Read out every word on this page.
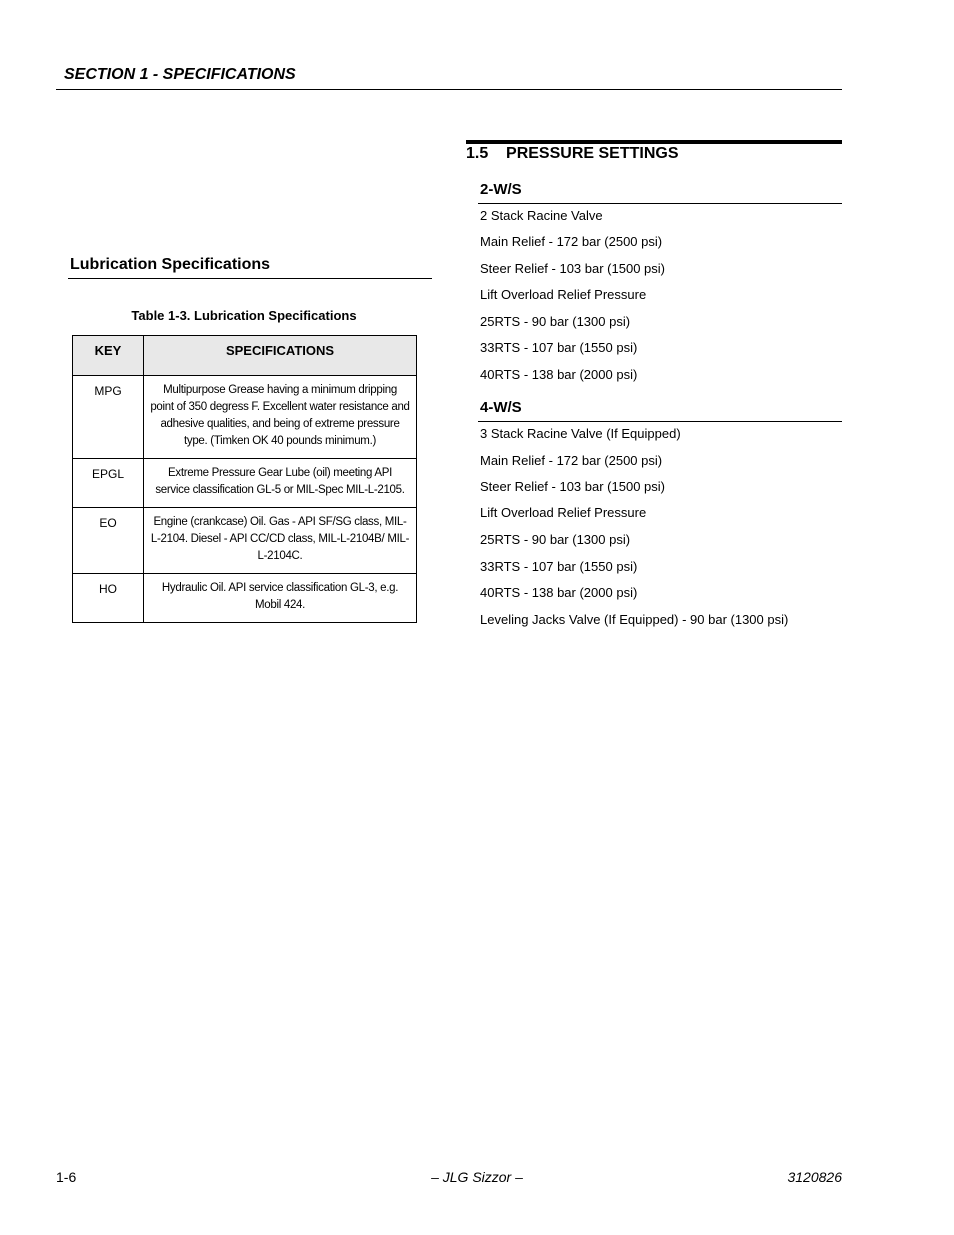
SECTION 1 - SPECIFICATIONS
Lubrication Specifications
Table 1-3. Lubrication Specifications
KEY	SPECIFICATIONS
MPG	Multipurpose Grease having a minimum dripping point of 350 degress F. Excellent water resistance and adhesive qualities, and being of extreme pressure type. (Timken OK 40 pounds minimum.)
EPGL	Extreme Pressure Gear Lube (oil) meeting API service classification GL-5 or MIL-Spec MIL-L-2105.
EO	Engine (crankcase) Oil. Gas - API SF/SG class, MIL-L-2104. Diesel - API CC/CD class, MIL-L-2104B/ MIL-L-2104C.
HO	Hydraulic Oil. API service classification GL-3, e.g. Mobil 424.
1.5    PRESSURE SETTINGS
2-W/S
2 Stack Racine Valve
Main Relief - 172 bar (2500 psi)
Steer Relief - 103 bar (1500 psi)
Lift Overload Relief Pressure
25RTS - 90 bar (1300 psi)
33RTS - 107 bar (1550 psi)
40RTS - 138 bar (2000 psi)
4-W/S
3 Stack Racine Valve (If Equipped)
Main Relief - 172 bar (2500 psi)
Steer Relief - 103 bar (1500 psi)
Lift Overload Relief Pressure
25RTS - 90 bar (1300 psi)
33RTS - 107 bar (1550 psi)
40RTS - 138 bar (2000 psi)
Leveling Jacks Valve (If Equipped) - 90 bar (1300 psi)
1-6	– JLG Sizzor –	3120826
